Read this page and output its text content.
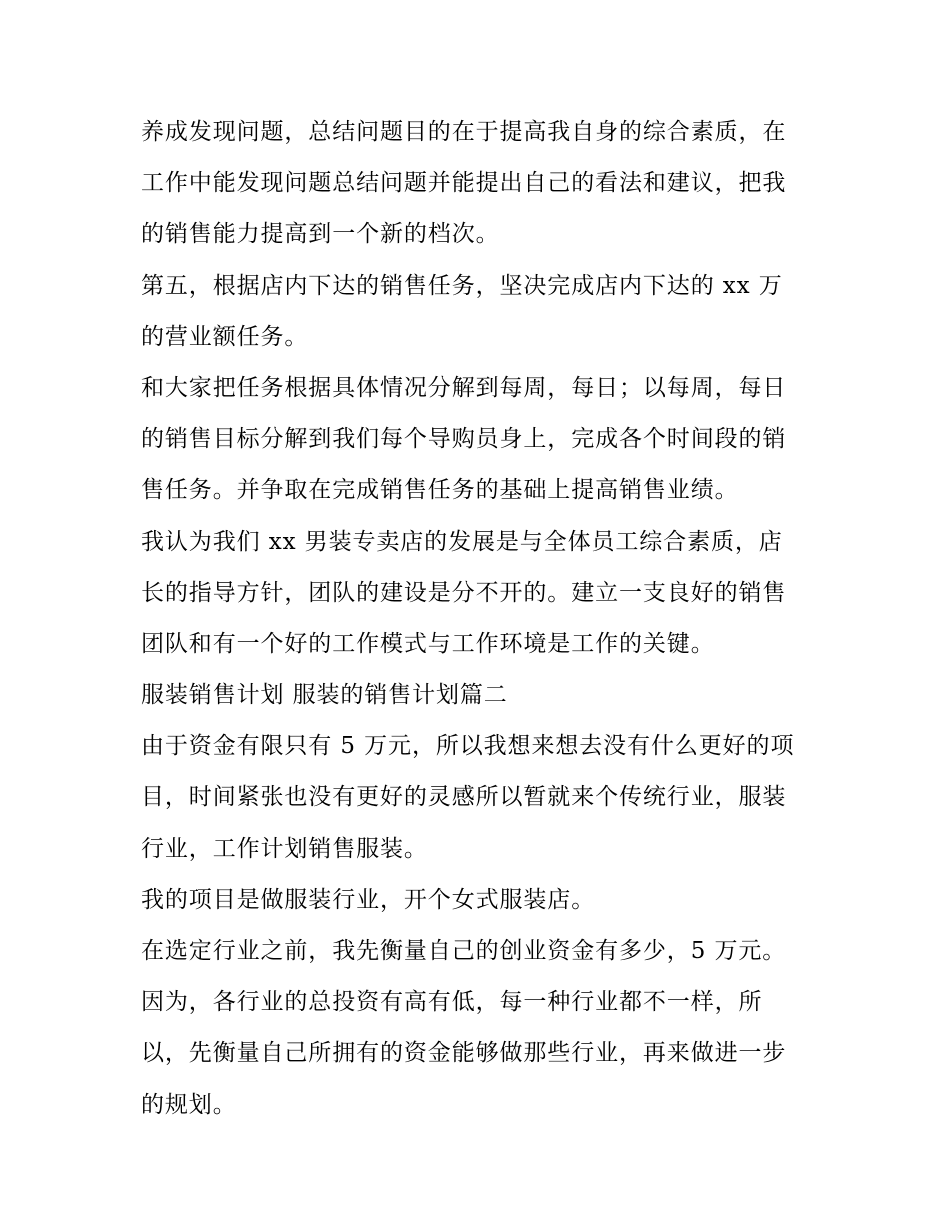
养成发现问题，总结问题目的在于提高我自身的综合素质，在
工作中能发现问题总结问题并能提出自己的看法和建议，把我
的销售能力提高到一个新的档次。

第五，根据店内下达的销售任务，坚决完成店内下达的 xx 万
的营业额任务。

和大家把任务根据具体情况分解到每周，每日；以每周，每日
的销售目标分解到我们每个导购员身上，完成各个时间段的销
售任务。并争取在完成销售任务的基础上提高销售业绩。

我认为我们 xx 男装专卖店的发展是与全体员工综合素质，店
长的指导方针，团队的建设是分不开的。建立一支良好的销售
团队和有一个好的工作模式与工作环境是工作的关键。

服装销售计划 服装的销售计划篇二

由于资金有限只有 5 万元，所以我想来想去没有什么更好的项
目，时间紧张也没有更好的灵感所以暂就来个传统行业，服装
行业，工作计划销售服装。

我的项目是做服装行业，开个女式服装店。

在选定行业之前，我先衡量自己的创业资金有多少，5 万元。

因为，各行业的总投资有高有低，每一种行业都不一样，所
以，先衡量自己所拥有的资金能够做那些行业，再来做进一步
的规划。
